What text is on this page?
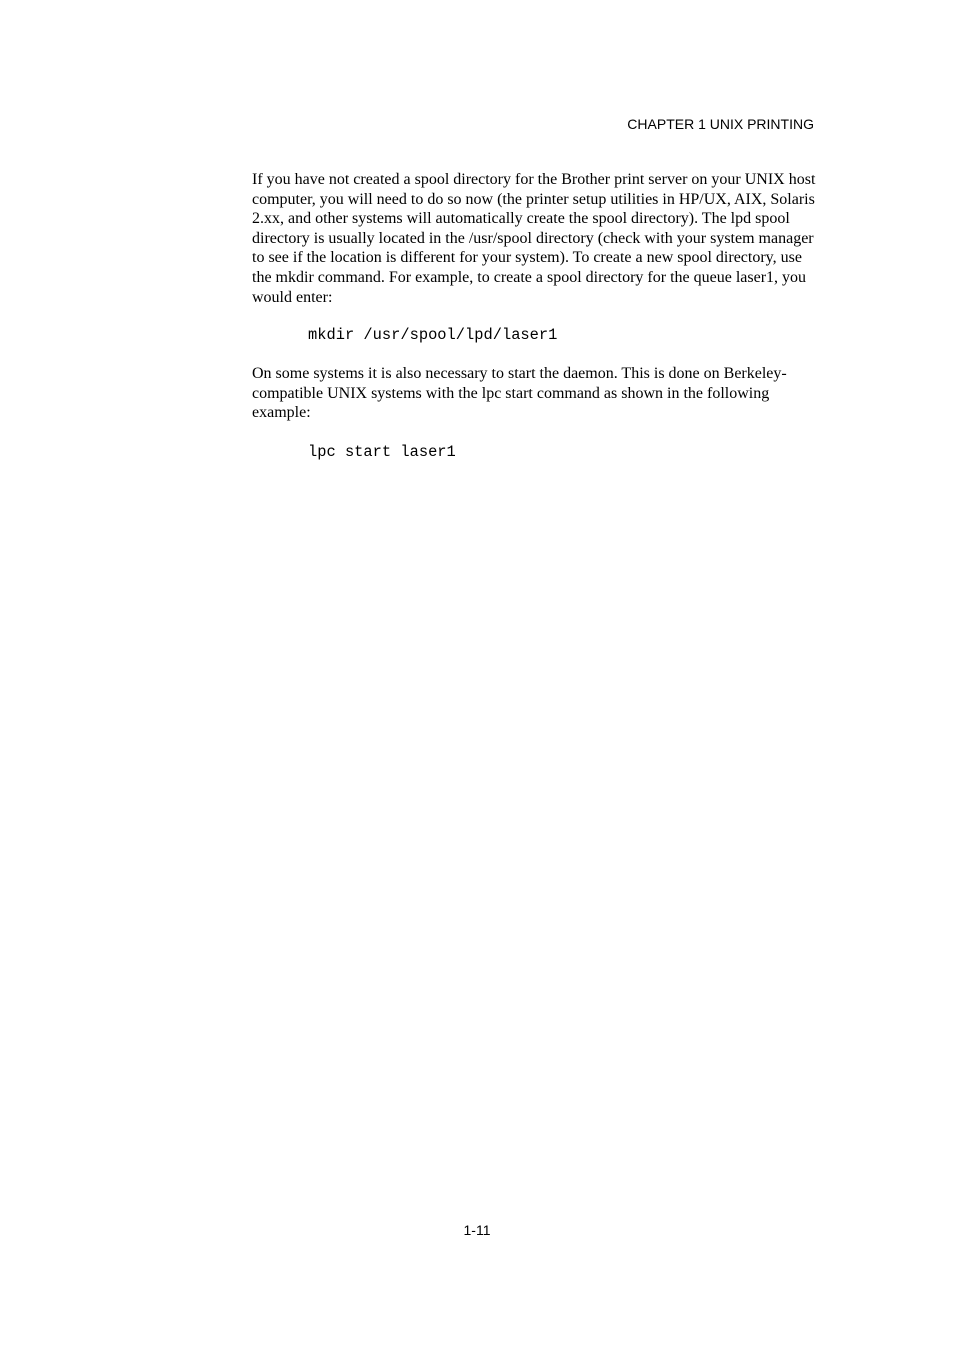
CHAPTER 1 UNIX PRINTING

If you have not created a spool directory for the Brother print server on your UNIX host computer, you will need to do so now (the printer setup utilities in HP/UX, AIX, Solaris 2.xx, and other systems will automatically create the spool directory). The lpd spool directory is usually located in the /usr/spool directory (check with your system manager to see if the location is different for your system). To create a new spool directory, use the mkdir command. For example, to create a spool directory for the queue laser1, you would enter:

mkdir /usr/spool/lpd/laser1

On some systems it is also necessary to start the daemon. This is done on Berkeley-compatible UNIX systems with the lpc start command as shown in the following example:

lpc start laser1
1-11
